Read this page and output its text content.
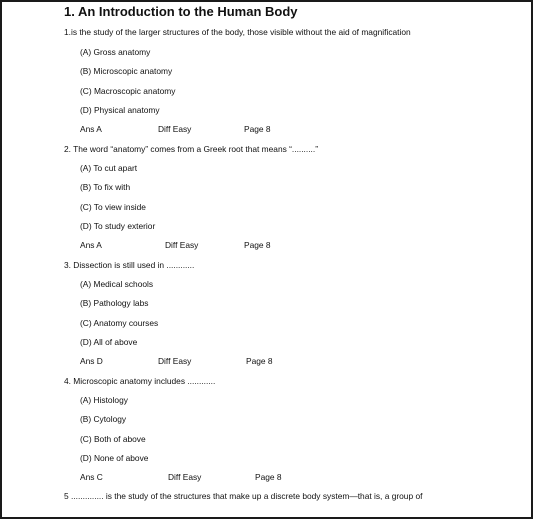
1. An Introduction to the Human Body
1.is the study of the larger structures of the body, those visible without the aid of magnification
(A) Gross anatomy
(B) Microscopic anatomy
(C) Macroscopic anatomy
(D) Physical anatomy
Ans A	Diff Easy	Page 8
2. The word “anatomy” comes from a Greek root that means “..........”
(A) To cut apart
(B) To fix with
(C) To view inside
(D) To study exterior
Ans A	Diff Easy	Page 8
3. Dissection is still used in ............
(A) Medical schools
(B) Pathology labs
(C) Anatomy courses
(D) All of above
Ans D	Diff Easy	Page 8
4. Microscopic anatomy includes ............
(A) Histology
(B) Cytology
(C) Both of above
(D) None of above
Ans C	Diff Easy	Page 8
5 .............. is the study of the structures that make up a discrete body system—that is, a group of
